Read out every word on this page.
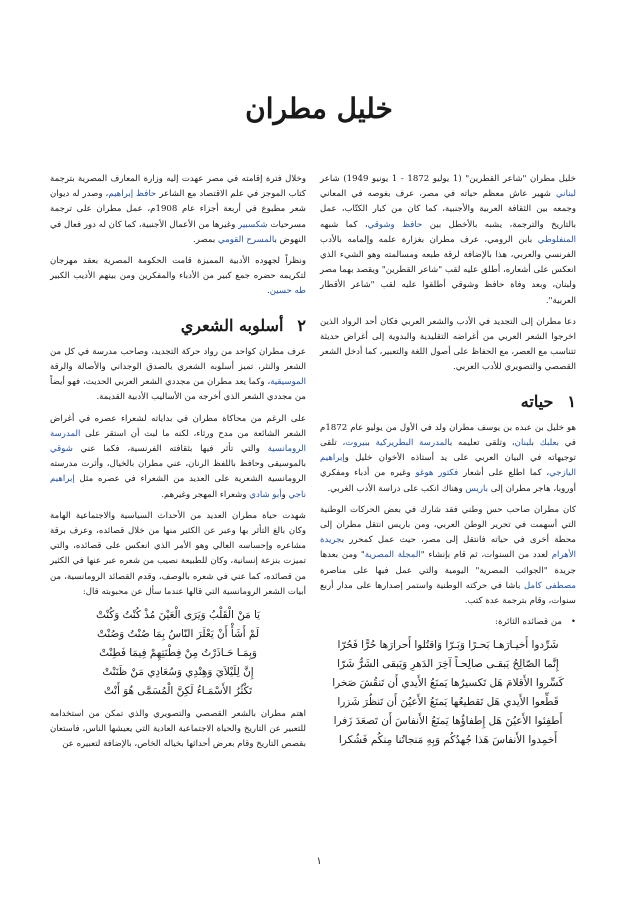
خليل مطران

خليل مطران "شاعر القطرين" (1 يوليو 1872 - 1 يونيو 1949) شاعر لبناني شهير عاش معظم حياته في مصر، عرف بغوصه في المعاني وجمعه بين الثقافة العربية والأجنبية، كما كان من كبار الكتّاب، عمل بالتاريخ والترجمة، يشبه بالأخطل بين حافظ وشوقي، كما شبهه المنفلوطي بابن الرومي، عرف مطران بغزارة علمه وإلمامه بالأدب الفرنسي والعربي، هذا بالإضافة لرقة طبعه ومسالمته وهو الشيء الذي انعكس على أشعاره، أطلق عليه لقب "شاعر القطرين" ويقصد بهما مصر ولبنان، وبعد وفاة حافظ وشوقي أطلقوا عليه لقب "شاعر الأقطار العربية".

دعا مطران إلى التجديد في الأدب والشعر العربي فكان أحد الرواد الذين اخرجوا الشعر العربي من أغراضه التقليدية والبدوية إلى أغراض حديثة تتناسب مع العصر، مع الحفاظ على أصول اللغة والتعبير، كما أدخل الشعر القصصي والتصويري للأدب العربي.

١
حياته

هو خليل بن عبده بن يوسف مطران ولد في الأول من يوليو عام 1872م في بعلبك بلبنان، وتلقى تعليمه بالمدرسة البطريركية ببيروت، تلقى توجيهاته في البيان العربي على يد أستاذه الأخوان خليل وإبراهيم اليازجي، كما اطلع على أشعار فكتور هوغو وغيره من أدباء ومفكري أوروبا، هاجر مطران إلى باريس وهناك انكب على دراسة الأدب الغربي.

كان مطران صاحب حس وطني فقد شارك في بعض الحركات الوطنية التي أسهمت في تحرير الوطن العربي، ومن باريس انتقل مطران إلى محطة أخرى في حياته فانتقل إلى مصر، حيث عمل كمحرر بجريدة الأهرام لعدد من السنوات، ثم قام بإنشاء "المجلة المصرية" ومن بعدها جريدة "الجوائب المصرية" اليومية والتي عمل فيها على مناصرة مصطفى كامل باشا في حركته الوطنية واستمر إصدارها على مدار أربع سنوات، وقام بترجمة عدة كتب.

• من قصائده الثائرة:
شَرِّدوا أَخيـارَهـا بَحـرًا وَبَـرّا وَاقتُلوا أَحرارَها حُرًّا فَحُرّا
إِنَّما الصّالِحُ يَبقـى صالِحـاً آخِرَ الدَهرِ وَيَبقى الشَرُّ شَرّا
كَسِّروا الأَقلامَ هَل تَكسيرُها يَمنَعُ الأَيدي أَن تَنقُشَ صَخرا
قَطِّعوا الأَيدي هَل تَقطيعُها يَمنَعُ الأَعيُنَ أَن تَنظُرَ شَزرا
أَطفِئوا الأَعيُنَ هَل إِطفاؤُها يَمنَعُ الأَنفاسَ أَن تَصعَدَ زَفرا
أَخمِدوا الأَنفاسَ هَذا جُهدُكُم وَبِهِ مَنجاتُنا مِنكُم فَشُكرا

وخلال فترة إقامته في مصر عهدت إليه وزارة المعارف المصرية بترجمة كتاب الموجز في علم الاقتصاد مع الشاعر حافظ إبراهيم، وصدر له ديوان شعر مطبوع في أربعة أجزاء عام 1908م، عمل مطران على ترجمة مسرحيات شكسبير وغيرها من الأعمال الأجنبية، كما كان له دور فعال في النهوض بالمسرح القومي بمصر.

ونظراً لجهوده الأدبية المميزة قامت الحكومة المصرية بعقد مهرجان لتكريمه حضره جمع كبير من الأدباء والمفكرين ومن بينهم الأديب الكبير طه حسين.

٢
أسلوبه الشعري

عرف مطران كواحد من رواد حركة التجديد، وصاحب مدرسة في كل من الشعر والنثر، تميز أسلوبه الشعري بالصدق الوجداني والأصالة والرقة الموسيقية، وكما يعد مطران من مجددي الشعر العربي الحديث، فهو أيضاً من مجددي الشعر الذي أخرجه من الأساليب الأدبية القديمة.

على الرغم من محاكاة مطران في بداياته لشعراء عصره في أغراض الشعر الشائعة من مدح ورثاء، لكنه ما لبث أن استقر على المدرسة الرومانسية والتي تأثر فيها بثقافته الفرنسية، فكما عني شوقي بالموسيقى وحافظ باللفظ الرنان، عني مطران بالخيال، وأثرت مدرسته الرومانسية الشعرية على العديد من الشعراء في عصره مثل إبراهيم ناجي وأبو شادي وشعراء المهجر وغيرهم.

شهدت حياة مطران العديد من الأحداث السياسية والاجتماعية الهامة وكان بالغ التأثر بها وعبر عن الكثير منها من خلال قصائده، وعرف برقة مشاعره وإحساسه العالي وهو الأمر الذي انعكس على قصائده، والتي تميزت بنزعة إنسانية، وكان للطبيعة نصيب من شعره عبر عنها في الكثير من قصائده، كما عني في شعره بالوصف، وقدم القصائد الرومانسية، من أبيات الشعر الرومانسية التي قالها عندما سأل عن محبوبته قال:

يَا مَنْ الْقَلْبُ وَيَرَى الْعَيْنَ مُذْ كُنْتُ وَكُنْتْ
لَمْ أَشَأْ أَنْ يَعْلَرَ النّاسُ بِمَا صُنْتُ وَصُنْتْ
وَبِمَـا حَـاذَرْتُ مِنْ فِطْنَتِهِمْ فِيمَا فَطِنْتْ
إِنَّ لِلَيْلاَيَ وَهِنْدِي وَسُعَادِي مَنْ ظَنَنْتْ
تَكْثُرُ الأَسْمَـاءُ لَكِنَّ الْمُسَمَّى هُوَ أَنْتْ

اهتم مطران بالشعر القصصي والتصويري والذي تمكن من استخدامه للتعبير عن التاريخ والحياة الاجتماعية العادية التي يعيشها الناس، فاستعان بقصص التاريخ وقام بعرض أحداثها بخياله الخاص، بالإضافة لتعبيره عن

١
